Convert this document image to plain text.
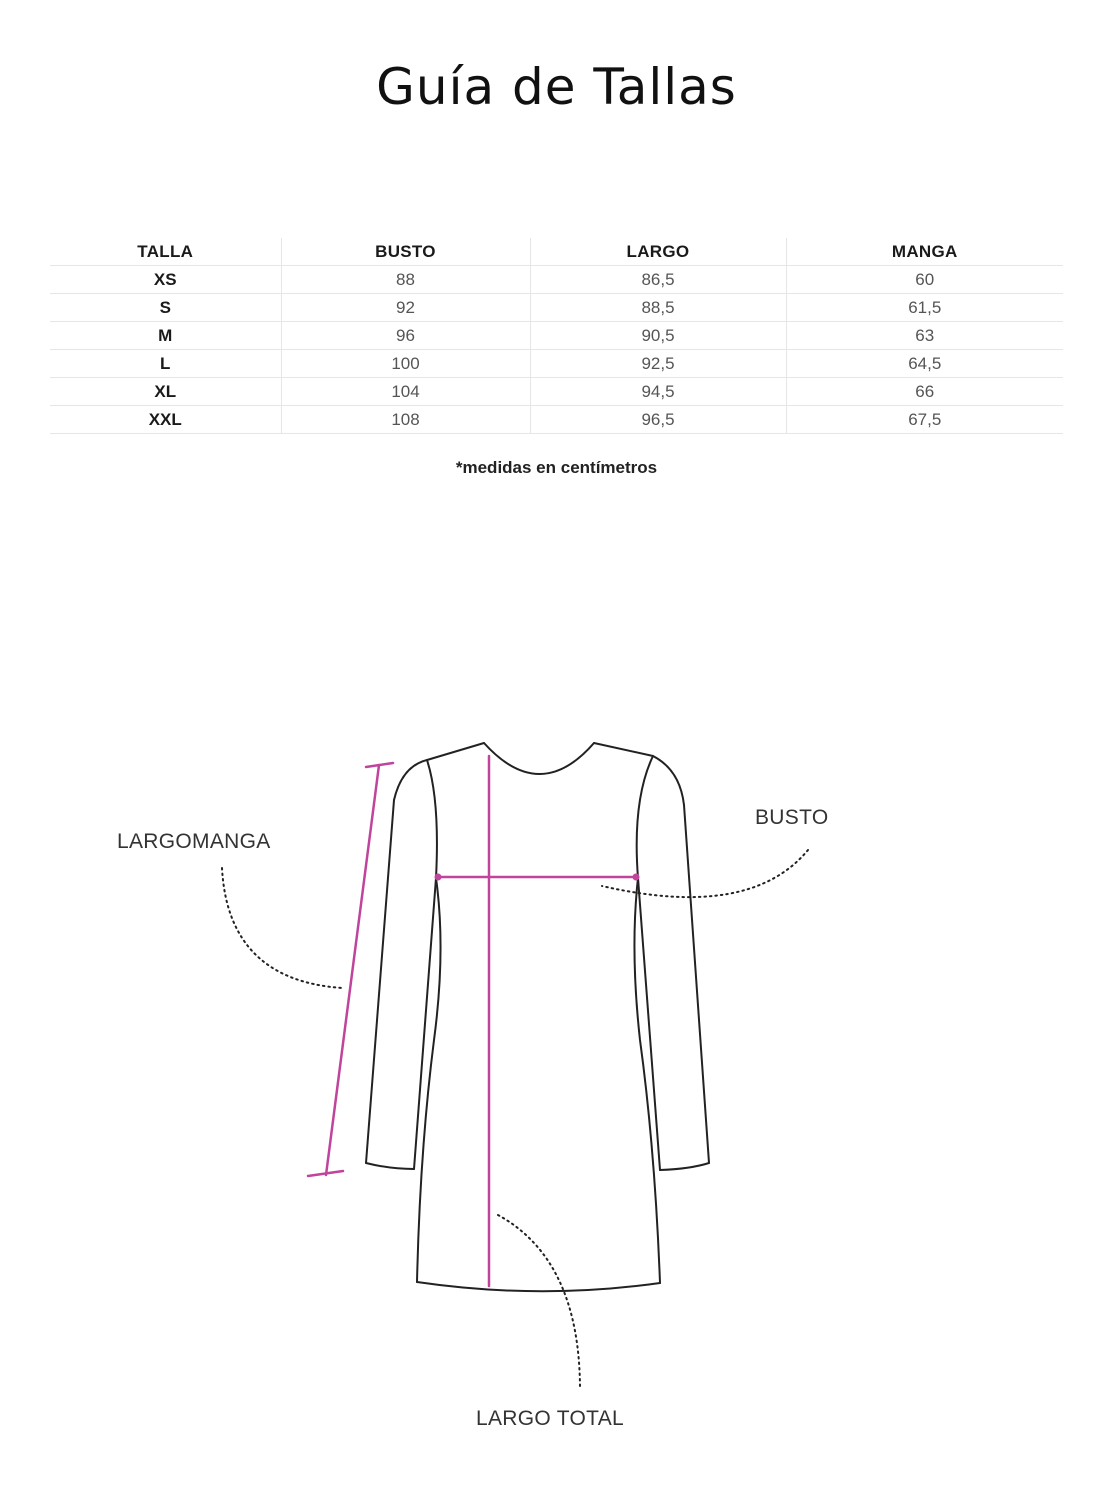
Guía de Tallas
TALLA	BUSTO	LARGO	MANGA
XS	88	86,5	60
S	92	88,5	61,5
M	96	90,5	63
L	100	92,5	64,5
XL	104	94,5	66
XXL	108	96,5	67,5
*medidas en centímetros
LARGOMANGA
BUSTO
LARGO TOTAL
